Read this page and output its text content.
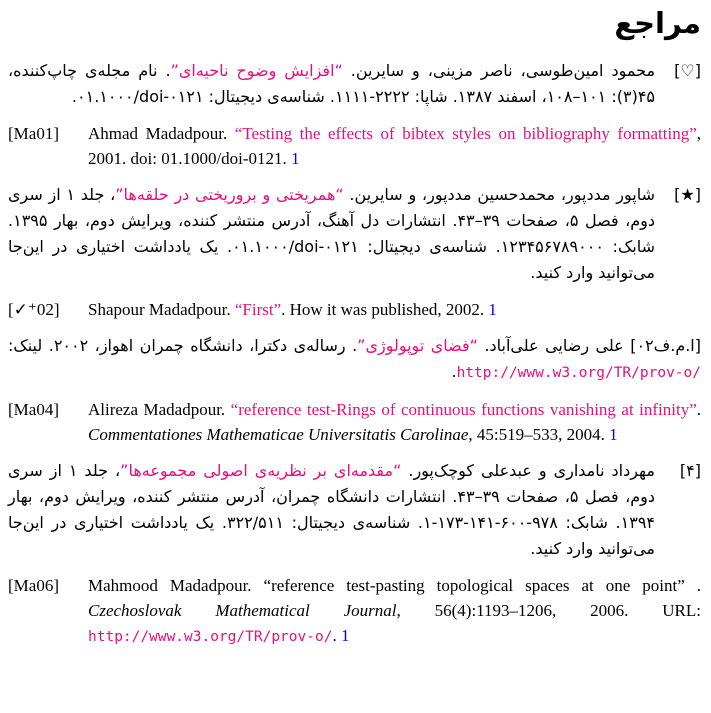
مراجع
[♡]
محمود امین‌طوسی، ناصر مزینی، و سایرین. “افزایش وضوح ناحیه‌ای”. نام مجله‌ی چاپ‌کننده، ۴۵(۳): ۱۰۱–۱۰۸، اسفند ۱۳۸۷. شاپا: ۲۲۲۲‐۱۱۱۱. شناسه‌ی دیجیتال: ۰۱.۱۰۰۰/doi-۰۱۲۱.
[Ma01]	Ahmad Madadpour. “Testing the effects of bibtex styles on bibliography formatting”, 2001. doi: 01.1000/doi-0121. 1
[★]
شاپور مددپور، محمدحسین مددپور، و سایرین. “همریختی و بروریختی در حلقه‌ها”، جلد ۱ از سری دوم، فصل ۵، صفحات ۳۹–۴۳. انتشارات دل آهنگ، آدرس منتشر کننده، ویرایش دوم، بهار ۱۳۹۵. شابک: ۱۲۳۴۵۶۷۸۹۰۰۰. شناسه‌ی دیجیتال: ۰۱.۱۰۰۰/doi-۰۱۲۱. یک یادداشت اختیاری در این‌جا می‌توانید وارد کنید.
[✓⁺02]	Shapour Madadpour. “First”. How it was published, 2002. 1
[ا.م.ف۰۲] علی رضایی علی‌آباد. “فضای توپولوژی”. رساله‌ی دکترا، دانشگاه چمران اهواز، ۲۰۰۲. لینک: http://www.w3.org/TR/prov-o/.
[Ma04]	Alireza Madadpour. “reference test-Rings of continuous functions vanishing at infinity”. Commentationes Mathematicae Universitatis Carolinae, 45:519–533, 2004. 1
[۴]
مهرداد نامداری و عبدعلی کوچک‌پور. “مقدمه‌ای بر نظریه‌ی اصولی مجموعه‌ها”، جلد ۱ از سری دوم، فصل ۵، صفحات ۳۹–۴۳. انتشارات دانشگاه چمران، آدرس منتشر کننده، ویرایش دوم، بهار ۱۳۹۴. شابک: ۹۷۸‐۶۰۰‐۱۴۱‐۱۷۳‐۱. شناسه‌ی دیجیتال: ۳۲۲/۵۱۱. یک یادداشت اختیاری در این‌جا می‌توانید وارد کنید.
[Ma06]	Mahmood Madadpour. “reference test-pasting topological spaces at one point” . Czechoslovak Mathematical Journal, 56(4):1193–1206, 2006. URL: http://www.w3.org/TR/prov-o/. 1
